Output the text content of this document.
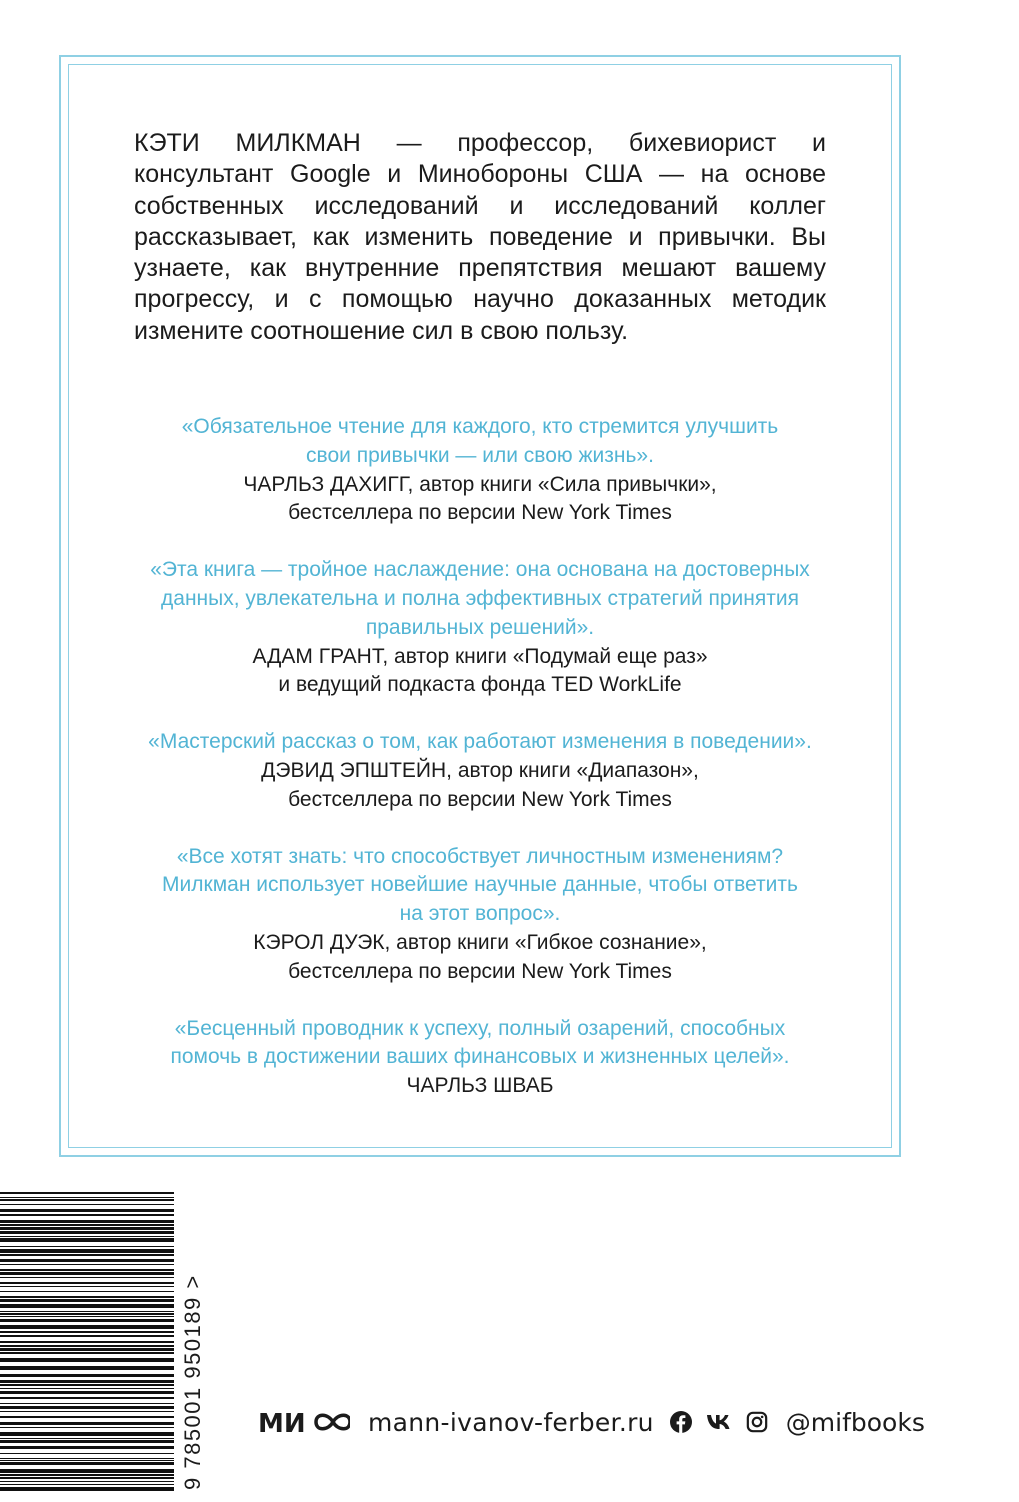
КЭТИ МИЛКМАН — профессор, бихевиорист и консультант Google и Минобороны США — на основе собственных исследований и исследований коллег рассказывает, как изменить поведение и привычки. Вы узнаете, как внутренние препятствия мешают вашему прогрессу, и с помощью научно доказанных методик измените соотношение сил в свою пользу.

«Обязательное чтение для каждого, кто стремится улучшить

свои привычки — или свою жизнь».

ЧАРЛЬЗ ДАХИГГ, автор книги «Сила привычки»,

бестселлера по версии New York Times

«Эта книга — тройное наслаждение: она основана на достоверных

данных, увлекательна и полна эффективных стратегий принятия

правильных решений».

АДАМ ГРАНТ, автор книги «Подумай еще раз»

и ведущий подкаста фонда TED WorkLife

«Мастерский рассказ о том, как работают изменения в поведении».

ДЭВИД ЭПШТЕЙН, автор книги «Диапазон»,

бестселлера по версии New York Times

«Все хотят знать: что способствует личностным изменениям?

Милкман использует новейшие научные данные, чтобы ответить

на этот вопрос».

КЭРОЛ ДУЭК, автор книги «Гибкое сознание»,

бестселлера по версии New York Times

«Бесценный проводник к успеху, полный озарений, способных

помочь в достижении ваших финансовых и жизненных целей».

ЧАРЛЬЗ ШВАБ

9 785001 950189 > МИ mann-ivanov-ferber.ru	@mifbooks
